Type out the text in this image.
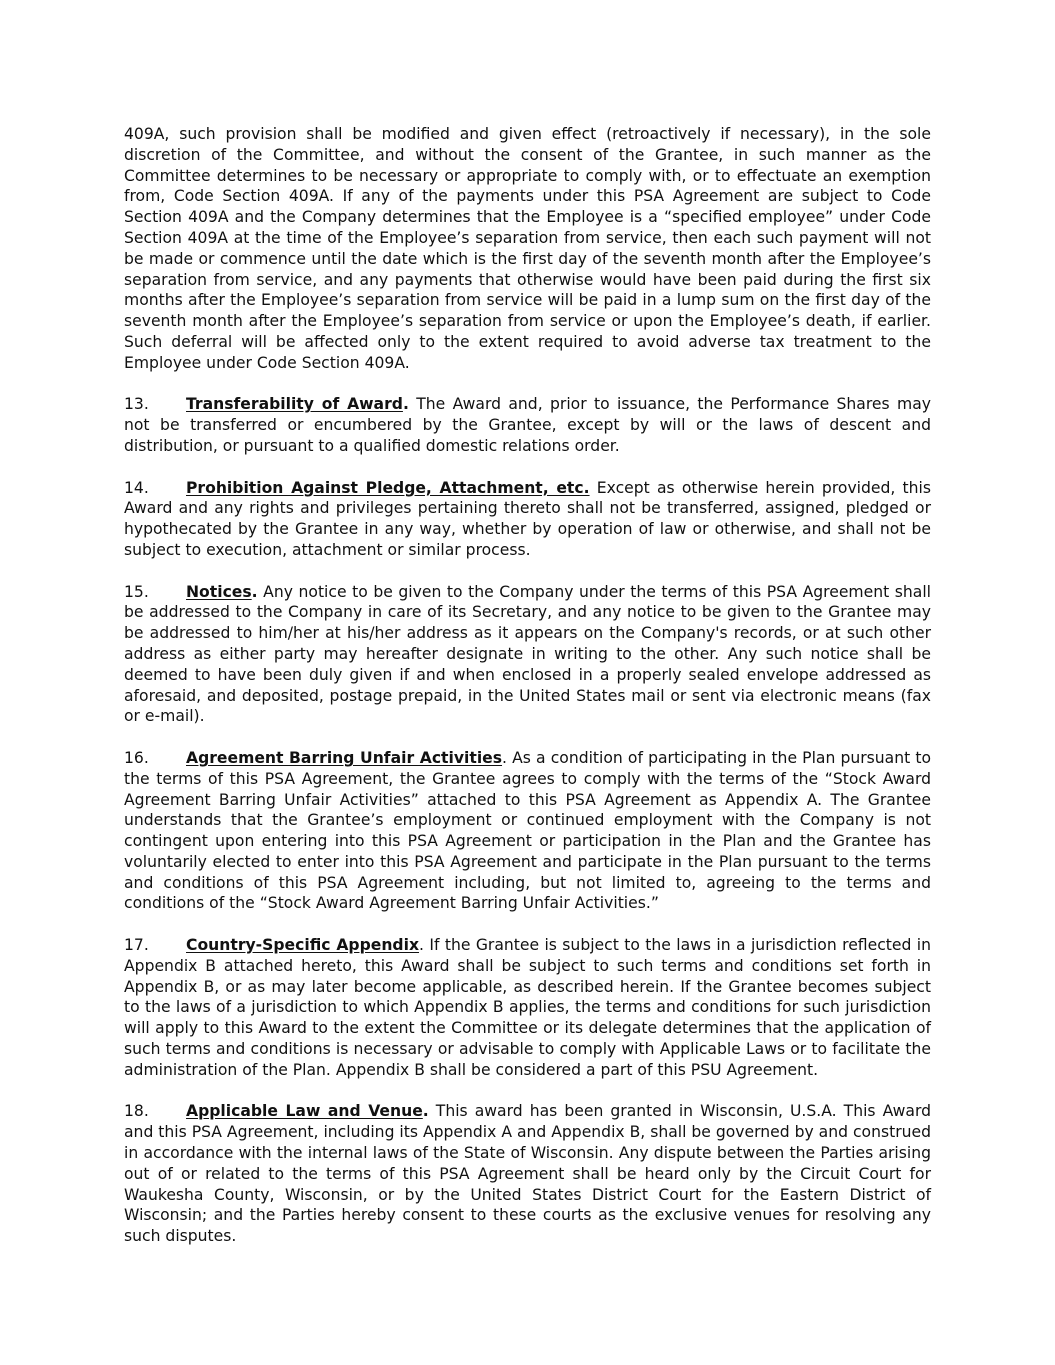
409A, such provision shall be modified and given effect (retroactively if necessary), in the sole discretion of the Committee, and without the consent of the Grantee, in such manner as the Committee determines to be necessary or appropriate to comply with, or to effectuate an exemption from, Code Section 409A. If any of the payments under this PSA Agreement are subject to Code Section 409A and the Company determines that the Employee is a “specified employee” under Code Section 409A at the time of the Employee’s separation from service, then each such payment will not be made or commence until the date which is the first day of the seventh month after the Employee’s separation from service, and any payments that otherwise would have been paid during the first six months after the Employee’s separation from service will be paid in a lump sum on the first day of the seventh month after the Employee’s separation from service or upon the Employee’s death, if earlier. Such deferral will be affected only to the extent required to avoid adverse tax treatment to the Employee under Code Section 409A.

13. Transferability of Award. The Award and, prior to issuance, the Performance Shares may not be transferred or encumbered by the Grantee, except by will or the laws of descent and distribution, or pursuant to a qualified domestic relations order.

14. Prohibition Against Pledge, Attachment, etc. Except as otherwise herein provided, this Award and any rights and privileges pertaining thereto shall not be transferred, assigned, pledged or hypothecated by the Grantee in any way, whether by operation of law or otherwise, and shall not be subject to execution, attachment or similar process.

15. Notices. Any notice to be given to the Company under the terms of this PSA Agreement shall be addressed to the Company in care of its Secretary, and any notice to be given to the Grantee may be addressed to him/her at his/her address as it appears on the Company's records, or at such other address as either party may hereafter designate in writing to the other. Any such notice shall be deemed to have been duly given if and when enclosed in a properly sealed envelope addressed as aforesaid, and deposited, postage prepaid, in the United States mail or sent via electronic means (fax or e-mail).

16. Agreement Barring Unfair Activities. As a condition of participating in the Plan pursuant to the terms of this PSA Agreement, the Grantee agrees to comply with the terms of the “Stock Award Agreement Barring Unfair Activities” attached to this PSA Agreement as Appendix A. The Grantee understands that the Grantee’s employment or continued employment with the Company is not contingent upon entering into this PSA Agreement or participation in the Plan and the Grantee has voluntarily elected to enter into this PSA Agreement and participate in the Plan pursuant to the terms and conditions of this PSA Agreement including, but not limited to, agreeing to the terms and conditions of the “Stock Award Agreement Barring Unfair Activities.”

17. Country-Specific Appendix. If the Grantee is subject to the laws in a jurisdiction reflected in Appendix B attached hereto, this Award shall be subject to such terms and conditions set forth in Appendix B, or as may later become applicable, as described herein. If the Grantee becomes subject to the laws of a jurisdiction to which Appendix B applies, the terms and conditions for such jurisdiction will apply to this Award to the extent the Committee or its delegate determines that the application of such terms and conditions is necessary or advisable to comply with Applicable Laws or to facilitate the administration of the Plan. Appendix B shall be considered a part of this PSU Agreement.

18. Applicable Law and Venue. This award has been granted in Wisconsin, U.S.A. This Award and this PSA Agreement, including its Appendix A and Appendix B, shall be governed by and construed in accordance with the internal laws of the State of Wisconsin. Any dispute between the Parties arising out of or related to the terms of this PSA Agreement shall be heard only by the Circuit Court for Waukesha County, Wisconsin, or by the United States District Court for the Eastern District of Wisconsin; and the Parties hereby consent to these courts as the exclusive venues for resolving any such disputes.
